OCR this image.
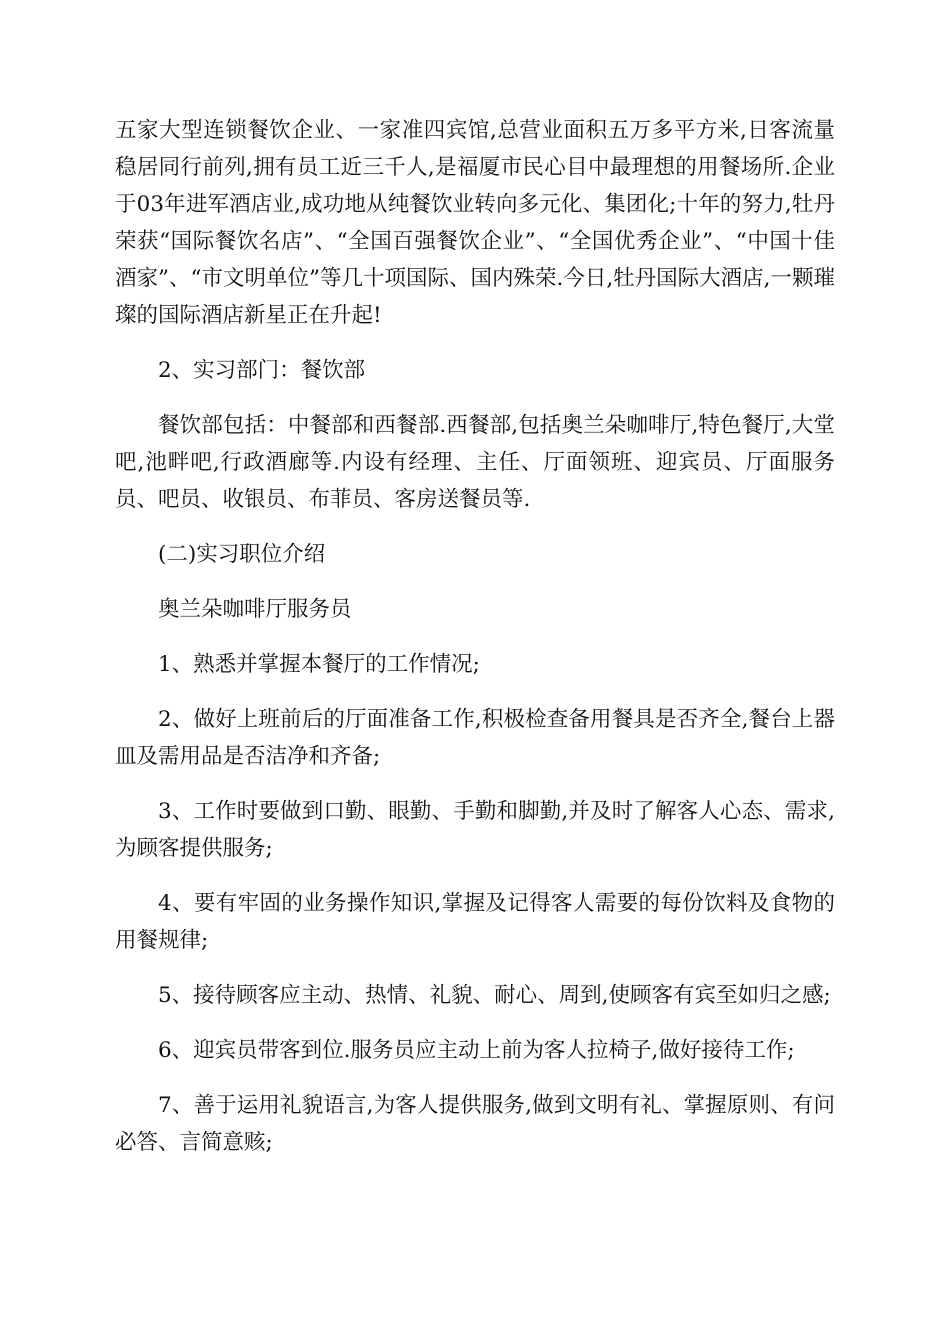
五家大型连锁餐饮企业、一家准四宾馆,总营业面积五万多平方米,日客流量稳居同行前列,拥有员工近三千人,是福厦市民心目中最理想的用餐场所.企业于03年进军酒店业,成功地从纯餐饮业转向多元化、集团化;十年的努力,牡丹荣获“国际餐饮名店”、“全国百强餐饮企业”、“全国优秀企业”、“中国十佳酒家”、“市文明单位”等几十项国际、国内殊荣.今日,牡丹国际大酒店,一颗璀璨的国际酒店新星正在升起!

2、实习部门：餐饮部

餐饮部包括：中餐部和西餐部.西餐部,包括奥兰朵咖啡厅,特色餐厅,大堂吧,池畔吧,行政酒廊等.内设有经理、主任、厅面领班、迎宾员、厅面服务员、吧员、收银员、布菲员、客房送餐员等.

(二)实习职位介绍

奥兰朵咖啡厅服务员

1、熟悉并掌握本餐厅的工作情况;

2、做好上班前后的厅面准备工作,积极检查备用餐具是否齐全,餐台上器皿及需用品是否洁净和齐备;

3、工作时要做到口勤、眼勤、手勤和脚勤,并及时了解客人心态、需求,为顾客提供服务;

4、要有牢固的业务操作知识,掌握及记得客人需要的每份饮料及食物的用餐规律;

5、接待顾客应主动、热情、礼貌、耐心、周到,使顾客有宾至如归之感;

6、迎宾员带客到位.服务员应主动上前为客人拉椅子,做好接待工作;

7、善于运用礼貌语言,为客人提供服务,做到文明有礼、掌握原则、有问必答、言简意赅;
